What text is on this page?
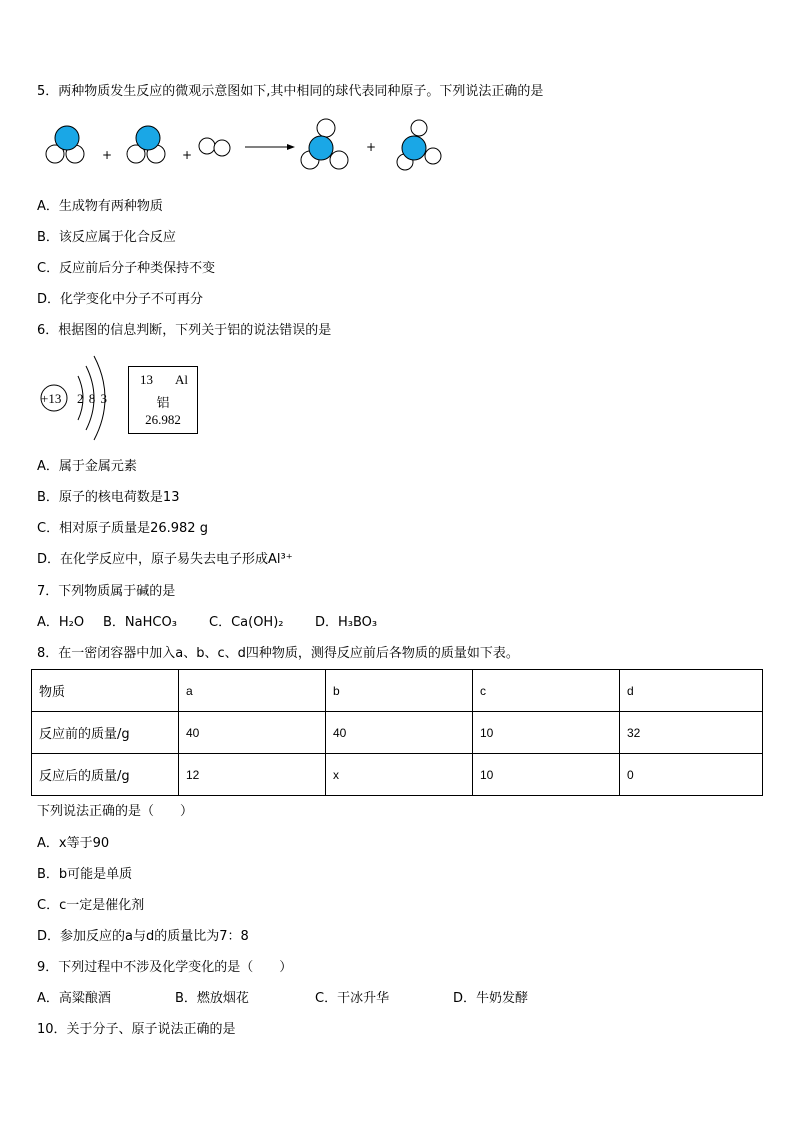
5．两种物质发生反应的微观示意图如下,其中相同的球代表同种原子。下列说法正确的是
+	+
+
A．生成物有两种物质
B．该反应属于化合反应
C．反应前后分子种类保持不变
D．化学变化中分子不可再分
6．根据图的信息判断，下列关于铝的说法错误的是
+13 2 8 3
13 Al
铝
26.982
A．属于金属元素
B．原子的核电荷数是13
C．相对原子质量是26.982 g
D．在化学反应中，原子易失去电子形成Al³⁺
7．下列物质属于碱的是
A．H₂O B．NaHCO₃ C．Ca(OH)₂ D．H₃BO₃
8．在一密闭容器中加入a、b、c、d四种物质，测得反应前后各物质的质量如下表。
物质	a	b	c	d
反应前的质量/g	40	40	10	32
反应后的质量/g	12	x	10	0
下列说法正确的是（　　）
A．x等于90
B．b可能是单质
C．c一定是催化剂
D．参加反应的a与d的质量比为7：8
9．下列过程中不涉及化学变化的是（　　）
A．高粱酿酒	B．燃放烟花	C．干冰升华	D．牛奶发酵
10．关于分子、原子说法正确的是
